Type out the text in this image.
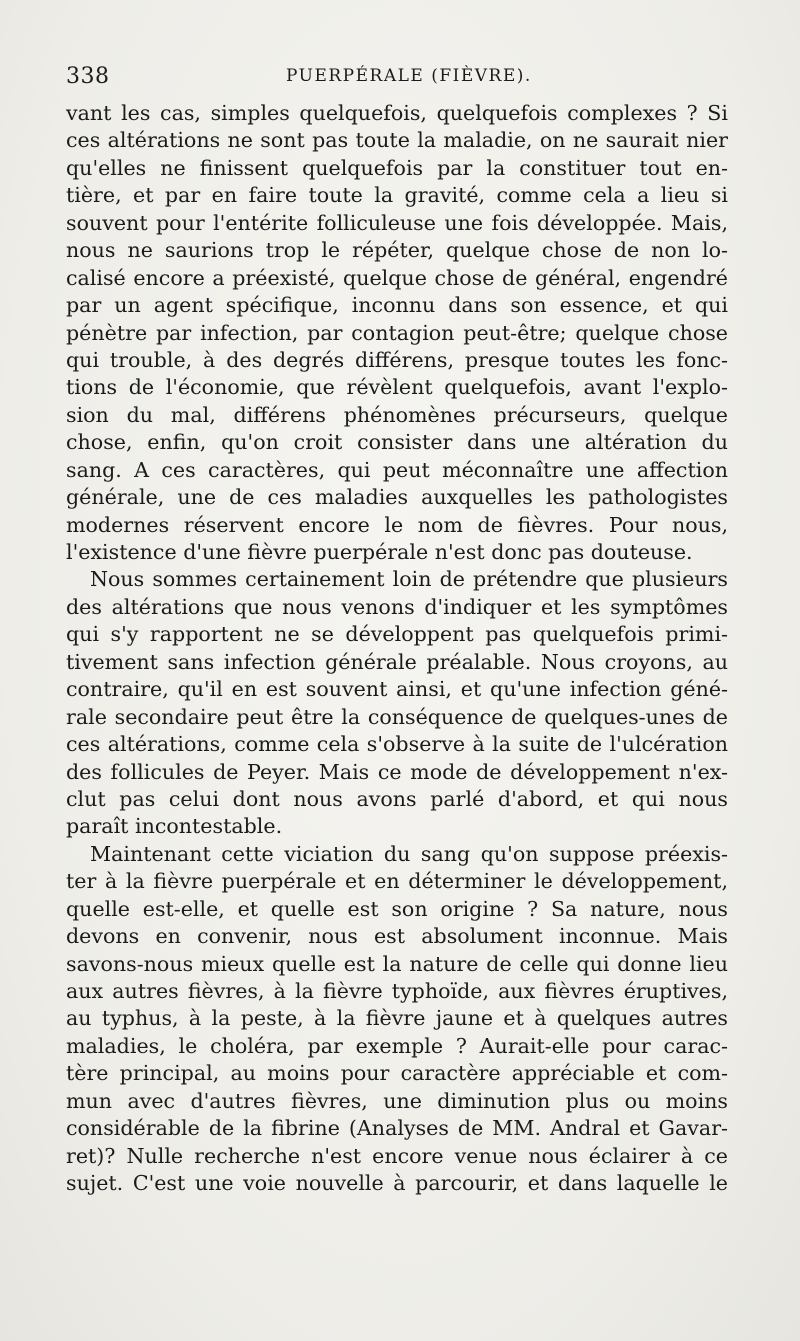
338	PUERPÉRALE (FIÈVRE).
vant les cas, simples quelquefois, quelquefois complexes ? Si
ces altérations ne sont pas toute la maladie, on ne saurait nier
qu'elles ne finissent quelquefois par la constituer tout en-
tière, et par en faire toute la gravité, comme cela a lieu si
souvent pour l'entérite folliculeuse une fois développée. Mais,
nous ne saurions trop le répéter, quelque chose de non lo-
calisé encore a préexisté, quelque chose de général, engendré
par un agent spécifique, inconnu dans son essence, et qui
pénètre par infection, par contagion peut-être; quelque chose
qui trouble, à des degrés différens, presque toutes les fonc-
tions de l'économie, que révèlent quelquefois, avant l'explo-
sion du mal, différens phénomènes précurseurs, quelque
chose, enfin, qu'on croit consister dans une altération du
sang. A ces caractères, qui peut méconnaître une affection
générale, une de ces maladies auxquelles les pathologistes
modernes réservent encore le nom de fièvres. Pour nous,
l'existence d'une fièvre puerpérale n'est donc pas douteuse.
Nous sommes certainement loin de prétendre que plusieurs
des altérations que nous venons d'indiquer et les symptômes
qui s'y rapportent ne se développent pas quelquefois primi-
tivement sans infection générale préalable. Nous croyons, au
contraire, qu'il en est souvent ainsi, et qu'une infection géné-
rale secondaire peut être la conséquence de quelques-unes de
ces altérations, comme cela s'observe à la suite de l'ulcération
des follicules de Peyer. Mais ce mode de développement n'ex-
clut pas celui dont nous avons parlé d'abord, et qui nous
paraît incontestable.
Maintenant cette viciation du sang qu'on suppose préexis-
ter à la fièvre puerpérale et en déterminer le développement,
quelle est-elle, et quelle est son origine ? Sa nature, nous
devons en convenir, nous est absolument inconnue. Mais
savons-nous mieux quelle est la nature de celle qui donne lieu
aux autres fièvres, à la fièvre typhoïde, aux fièvres éruptives,
au typhus, à la peste, à la fièvre jaune et à quelques autres
maladies, le choléra, par exemple ? Aurait-elle pour carac-
tère principal, au moins pour caractère appréciable et com-
mun avec d'autres fièvres, une diminution plus ou moins
considérable de la fibrine (Analyses de MM. Andral et Gavar-
ret)? Nulle recherche n'est encore venue nous éclairer à ce
sujet. C'est une voie nouvelle à parcourir, et dans laquelle le
